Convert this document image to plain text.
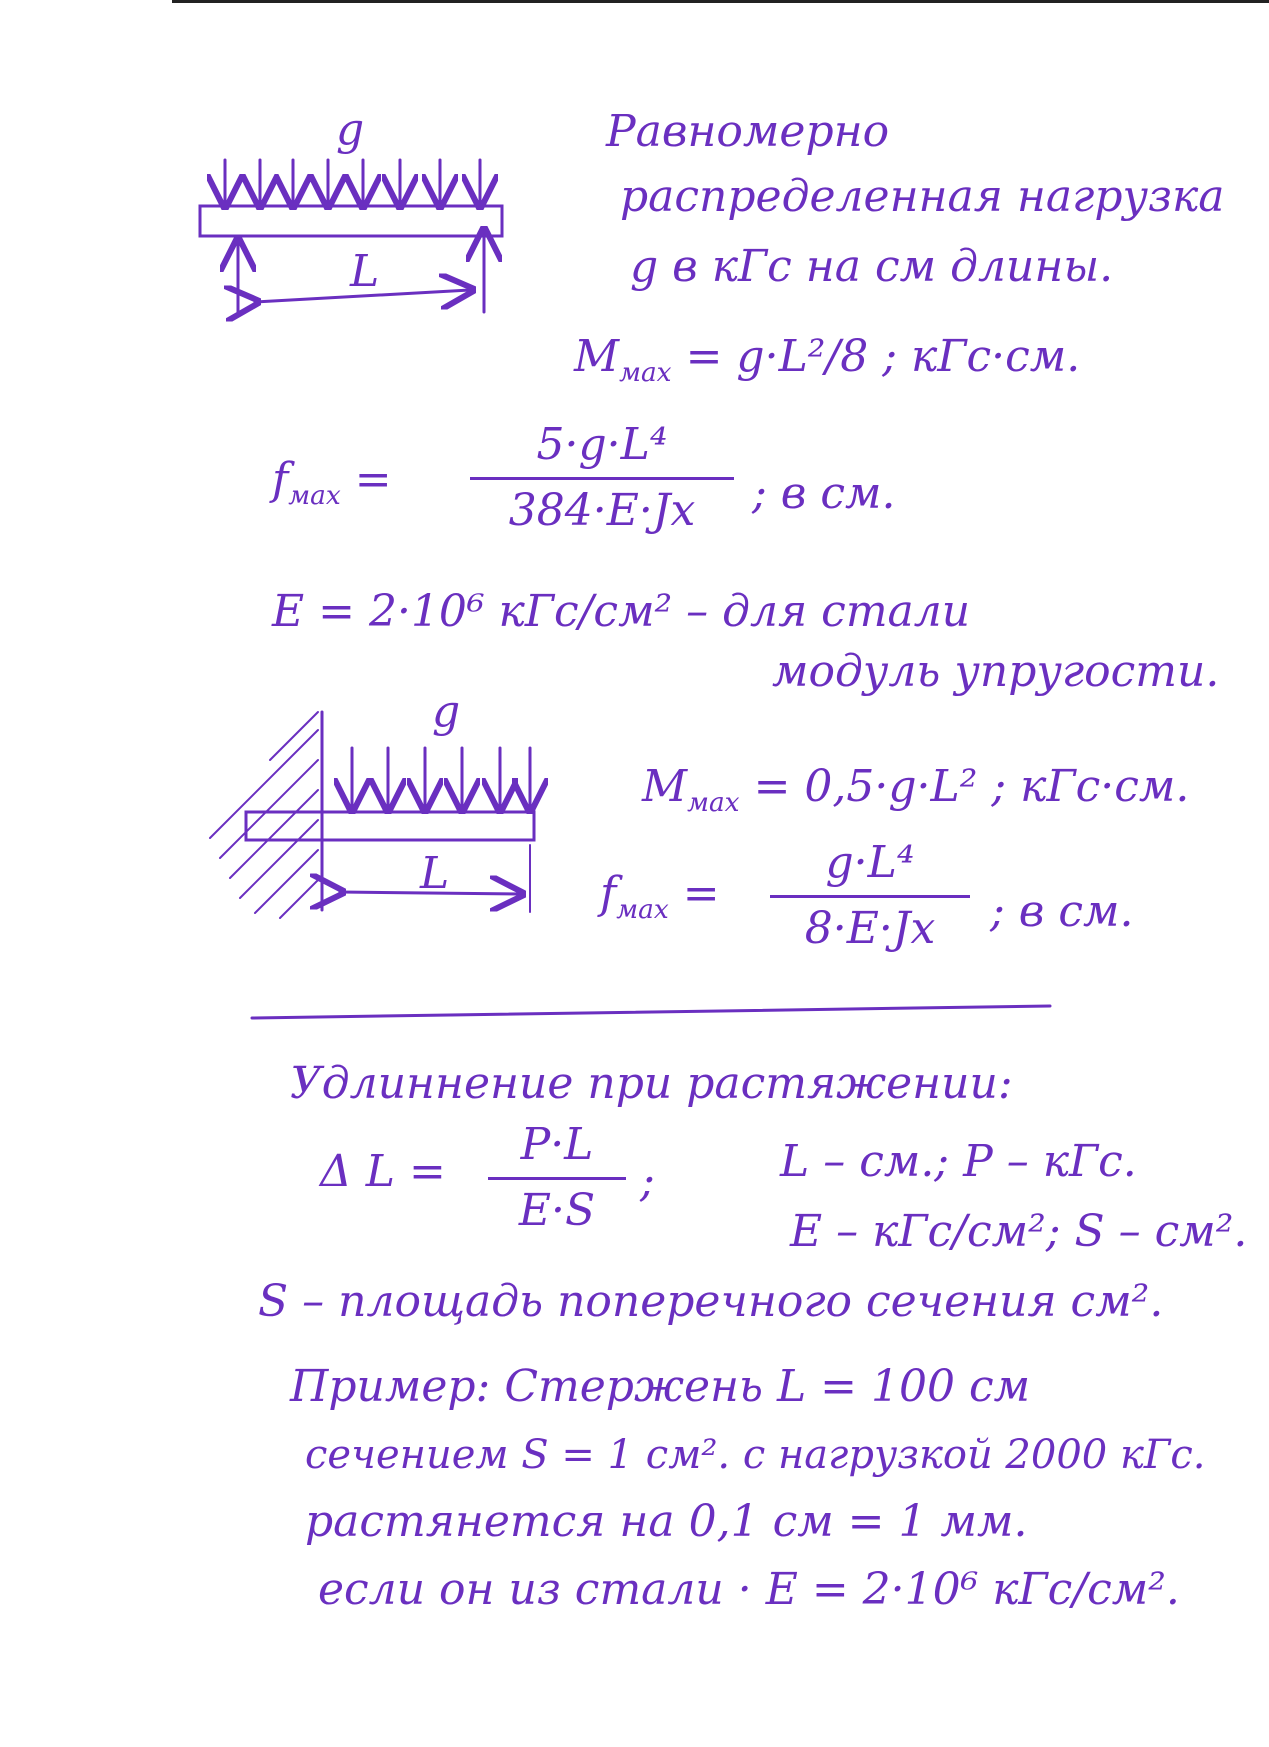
g
L
g
L
Равномерно
распределенная нагрузка
g в кГс на см длины.
$M_{мах} = g\cdot L^2/8$ ; кГс·см.
$f_{мах}$ =
5·g·L⁴
384·E·Jx ; в см.
E = 2·10⁶ кГс/см² – для стали
модуль упругости.
$M_{мах} = 0,5\cdot g\cdot L^2$ ; кГс·см.
$f_{мах}$ =
g·L⁴
8·E·Jx ; в см.
Удлиннение при растяжении:
Δ L =
P·L
E·S
;	L – см.; P – кГс.
E – кГс/см²; S – см².
S – площадь поперечного сечения см².
Пример: Стержень L = 100 см
сечением S = 1 см². с нагрузкой 2000 кГс.
растянется на 0,1 см = 1 мм.
если он из стали · E = 2·10⁶ кГс/см².
